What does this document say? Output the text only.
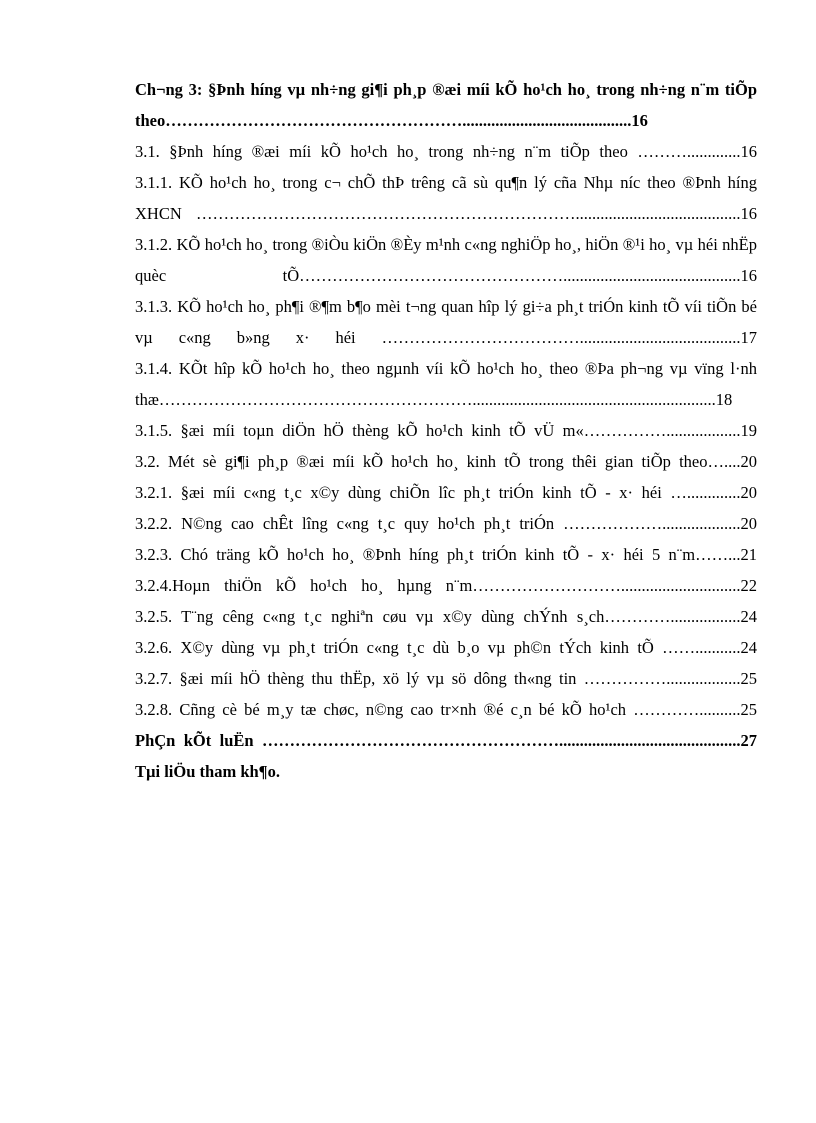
Ch¬ng 3: §Þnh híng vµ nh÷ng gi¶i ph¸p ®æi míi kÕ ho¹ch ho¸ trong nh÷ng n¨m tiÕp theo……………………………………………….........................................16
3.1. §Þnh híng ®æi míi kÕ ho¹ch ho¸ trong nh÷ng n¨m tiÕp theo ……….............16
3.1.1. KÕ ho¹ch ho¸ trong c¬ chÕ thÞ trêng cã sù qu¶n lý cña Nhµ níc theo ®Þnh híng XHCN ……………………………………………………………........................................16
3.1.2. KÕ ho¹ch ho¸ trong ®iÒu kiÖn ®Èy m¹nh c«ng nghiÖp ho¸, hiÖn ®¹i ho¸ vµ héi nhËp quèc tÕ…………………………………………...........................................16
3.1.3. KÕ ho¹ch ho¸ ph¶i ®¶m b¶o mèi t¬ng quan hîp lý gi÷a ph¸t triÓn kinh tÕ víi tiÕn bé vµ c«ng b»ng x· héi ……………………………….......................................17
3.1.4. KÕt hîp kÕ ho¹ch ho¸ theo ngµnh víi kÕ ho¹ch ho¸ theo ®Þa ph¬ng vµ vïng l·nh thæ…………………………………………………...........................................................18
3.1.5. §æi míi toµn diÖn hÖ thèng kÕ ho¹ch kinh tÕ vÜ m«……………..................19
3.2. Mét sè gi¶i ph¸p ®æi míi kÕ ho¹ch ho¸ kinh tÕ trong thêi gian tiÕp theo…....20
3.2.1. §æi míi c«ng t¸c x©y dùng chiÕn lîc ph¸t triÓn kinh tÕ - x· héi ….............20
3.2.2. N©ng cao chÊt lîng c«ng t¸c quy ho¹ch ph¸t triÓn ………………...................20
3.2.3. Chó träng kÕ ho¹ch ho¸ ®Þnh híng ph¸t triÓn kinh tÕ - x· héi 5 n¨m……...21
3.2.4.Hoµn thiÖn kÕ ho¹ch ho¸ hµng n¨m……………………….............................22
3.2.5. T¨ng cêng c«ng t¸c nghiªn cøu vµ x©y dùng chÝnh s¸ch………….................24
3.2.6. X©y dùng vµ ph¸t triÓn c«ng t¸c dù b¸o vµ ph©n tÝch kinh tÕ ……...........24
3.2.7. §æi míi hÖ thèng thu thËp, xö lý vµ sö dông th«ng tin ……………..................25
3.2.8. Cñng cè bé m¸y tæ chøc, n©ng cao tr×nh ®é c¸n bé kÕ ho¹ch …………..........25
PhÇn kÕt luËn ………………………………………………............................................27
Tµi liÖu tham kh¶o.
